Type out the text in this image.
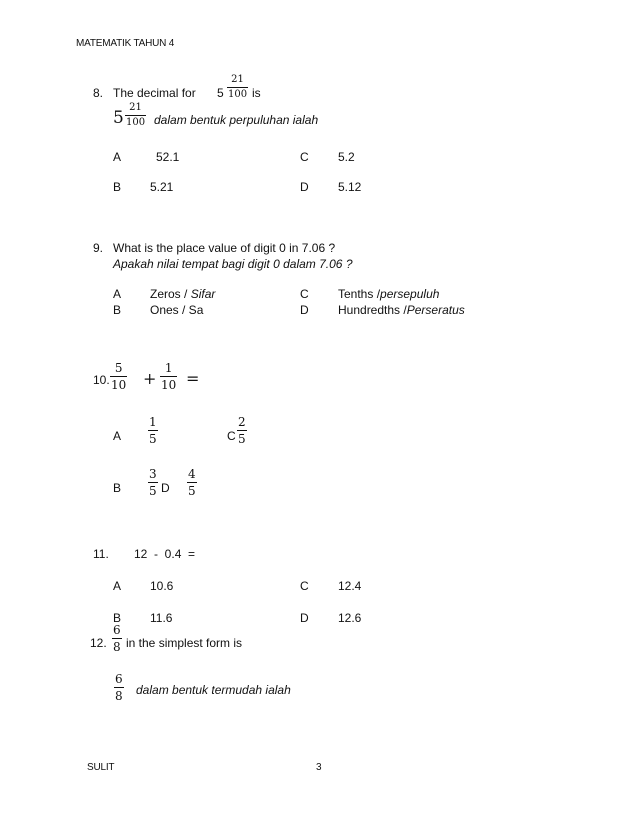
MATEMATIK TAHUN 4
8. The decimal for 5
21
100 is
5
21
100 dalam bentuk perpuluhan ialah
A	52.1	C 5.2
B 5.21	D 5.12
9. What is the place value of digit 0 in 7.06 ?
Apakah nilai tempat bagi digit 0 dalam 7.06 ?
A Zeros / Sifar	C Tenths /persepuluh
B Ones / Sa	D Hundredths /Perseratus
10.
5
10 +
1
10 =
A
1
5	C
2
5
B
3
5 D
4
5
11. 12  -  0.4  =
A 10.6	C 12.4
B 11.6	D 12.6
12.
6
8 in the simplest form is
6
8 dalam bentuk termudah ialah
SULIT	3
